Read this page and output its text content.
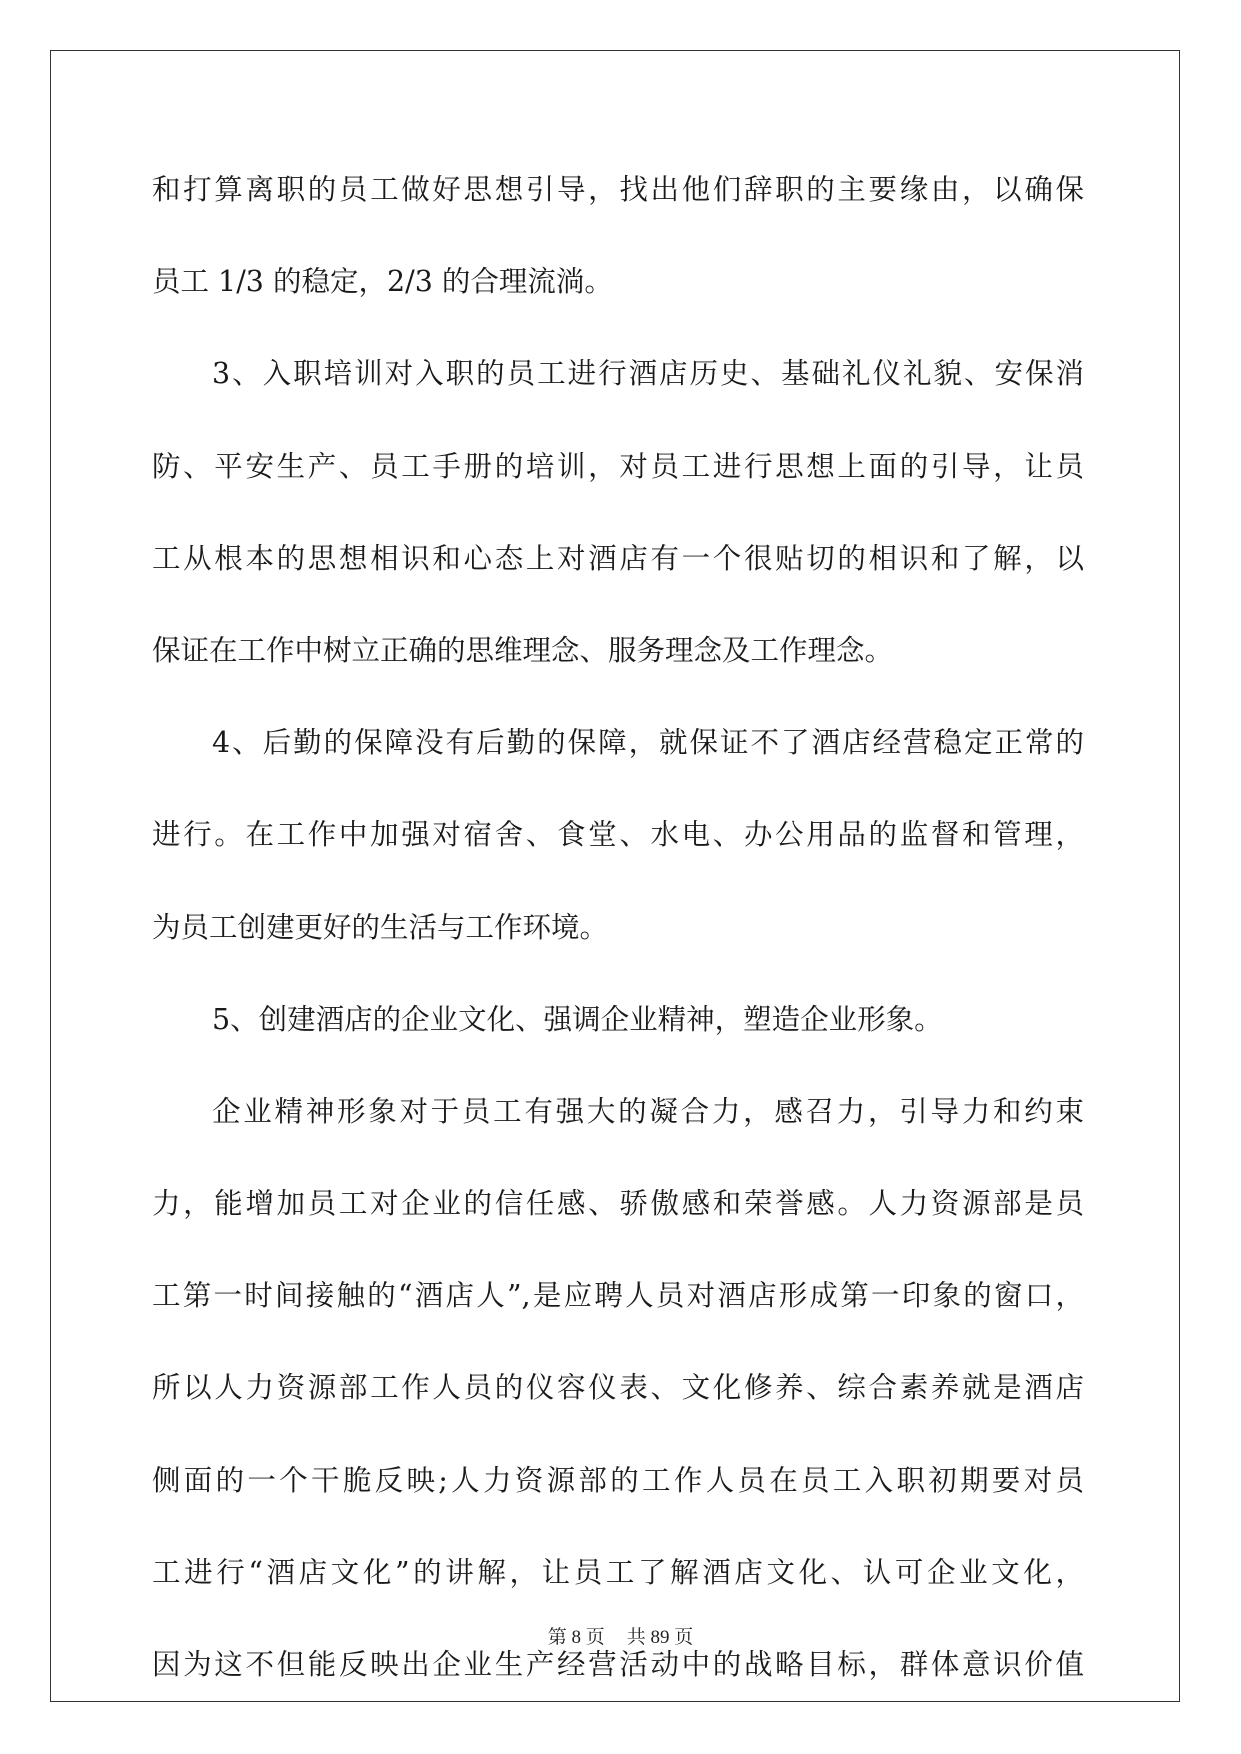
和打算离职的员工做好思想引导，找出他们辞职的主要缘由，以确保
员工 1/3 的稳定，2/3 的合理流淌。
3、入职培训对入职的员工进行酒店历史、基础礼仪礼貌、安保消
防、平安生产、员工手册的培训，对员工进行思想上面的引导，让员
工从根本的思想相识和心态上对酒店有一个很贴切的相识和了解，以
保证在工作中树立正确的思维理念、服务理念及工作理念。
4、后勤的保障没有后勤的保障，就保证不了酒店经营稳定正常的
进行。在工作中加强对宿舍、食堂、水电、办公用品的监督和管理，
为员工创建更好的生活与工作环境。
5、创建酒店的企业文化、强调企业精神，塑造企业形象。
企业精神形象对于员工有强大的凝合力，感召力，引导力和约束
力，能增加员工对企业的信任感、骄傲感和荣誉感。人力资源部是员
工第一时间接触的“酒店人”,是应聘人员对酒店形成第一印象的窗口，
所以人力资源部工作人员的仪容仪表、文化修养、综合素养就是酒店
侧面的一个干脆反映;人力资源部的工作人员在员工入职初期要对员
工进行“酒店文化”的讲解，让员工了解酒店文化、认可企业文化，
因为这不但能反映出企业生产经营活动中的战略目标，群体意识价值
第 8 页 共 89 页
